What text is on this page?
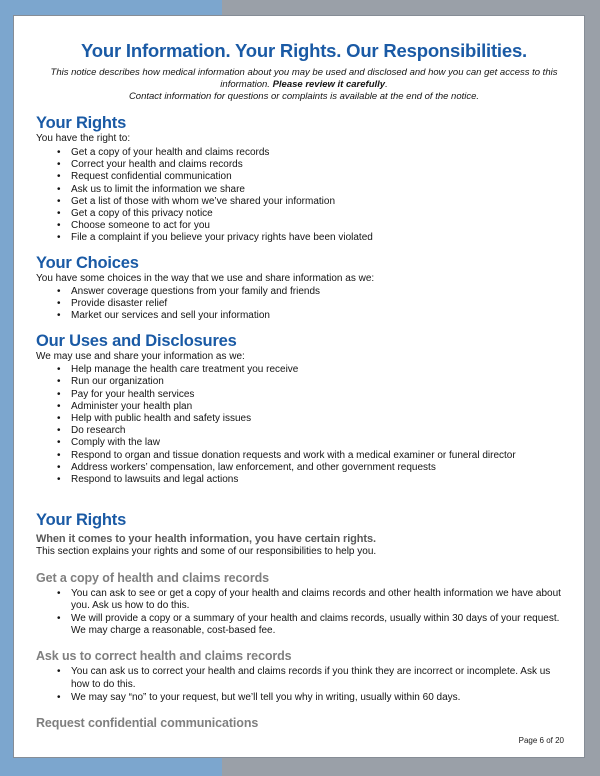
Your Information. Your Rights. Our Responsibilities.

This notice describes how medical information about you may be used and disclosed and how you can get access to this
information. Please review it carefully.
Contact information for questions or complaints is available at the end of the notice.

Your Rights
You have the right to:
• Get a copy of your health and claims records
• Correct your health and claims records
• Request confidential communication
• Ask us to limit the information we share
• Get a list of those with whom we’ve shared your information
• Get a copy of this privacy notice
• Choose someone to act for you
• File a complaint if you believe your privacy rights have been violated
Your Choices
You have some choices in the way that we use and share information as we:
• Answer coverage questions from your family and friends
• Provide disaster relief
• Market our services and sell your information
Our Uses and Disclosures
We may use and share your information as we:
• Help manage the health care treatment you receive
• Run our organization
• Pay for your health services
• Administer your health plan
• Help with public health and safety issues
• Do research
• Comply with the law
• Respond to organ and tissue donation requests and work with a medical examiner or funeral director
• Address workers’ compensation, law enforcement, and other government requests
• Respond to lawsuits and legal actions
Your Rights
When it comes to your health information, you have certain rights.
This section explains your rights and some of our responsibilities to help you.
Get a copy of health and claims records
• You can ask to see or get a copy of your health and claims records and other health information we have about you. Ask us how to do this.
• We will provide a copy or a summary of your health and claims records, usually within 30 days of your request. We may charge a reasonable, cost-based fee.
Ask us to correct health and claims records
• You can ask us to correct your health and claims records if you think they are incorrect or incomplete. Ask us how to do this.
• We may say “no” to your request, but we’ll tell you why in writing, usually within 60 days.
Request confidential communications
Page 6 of 20
